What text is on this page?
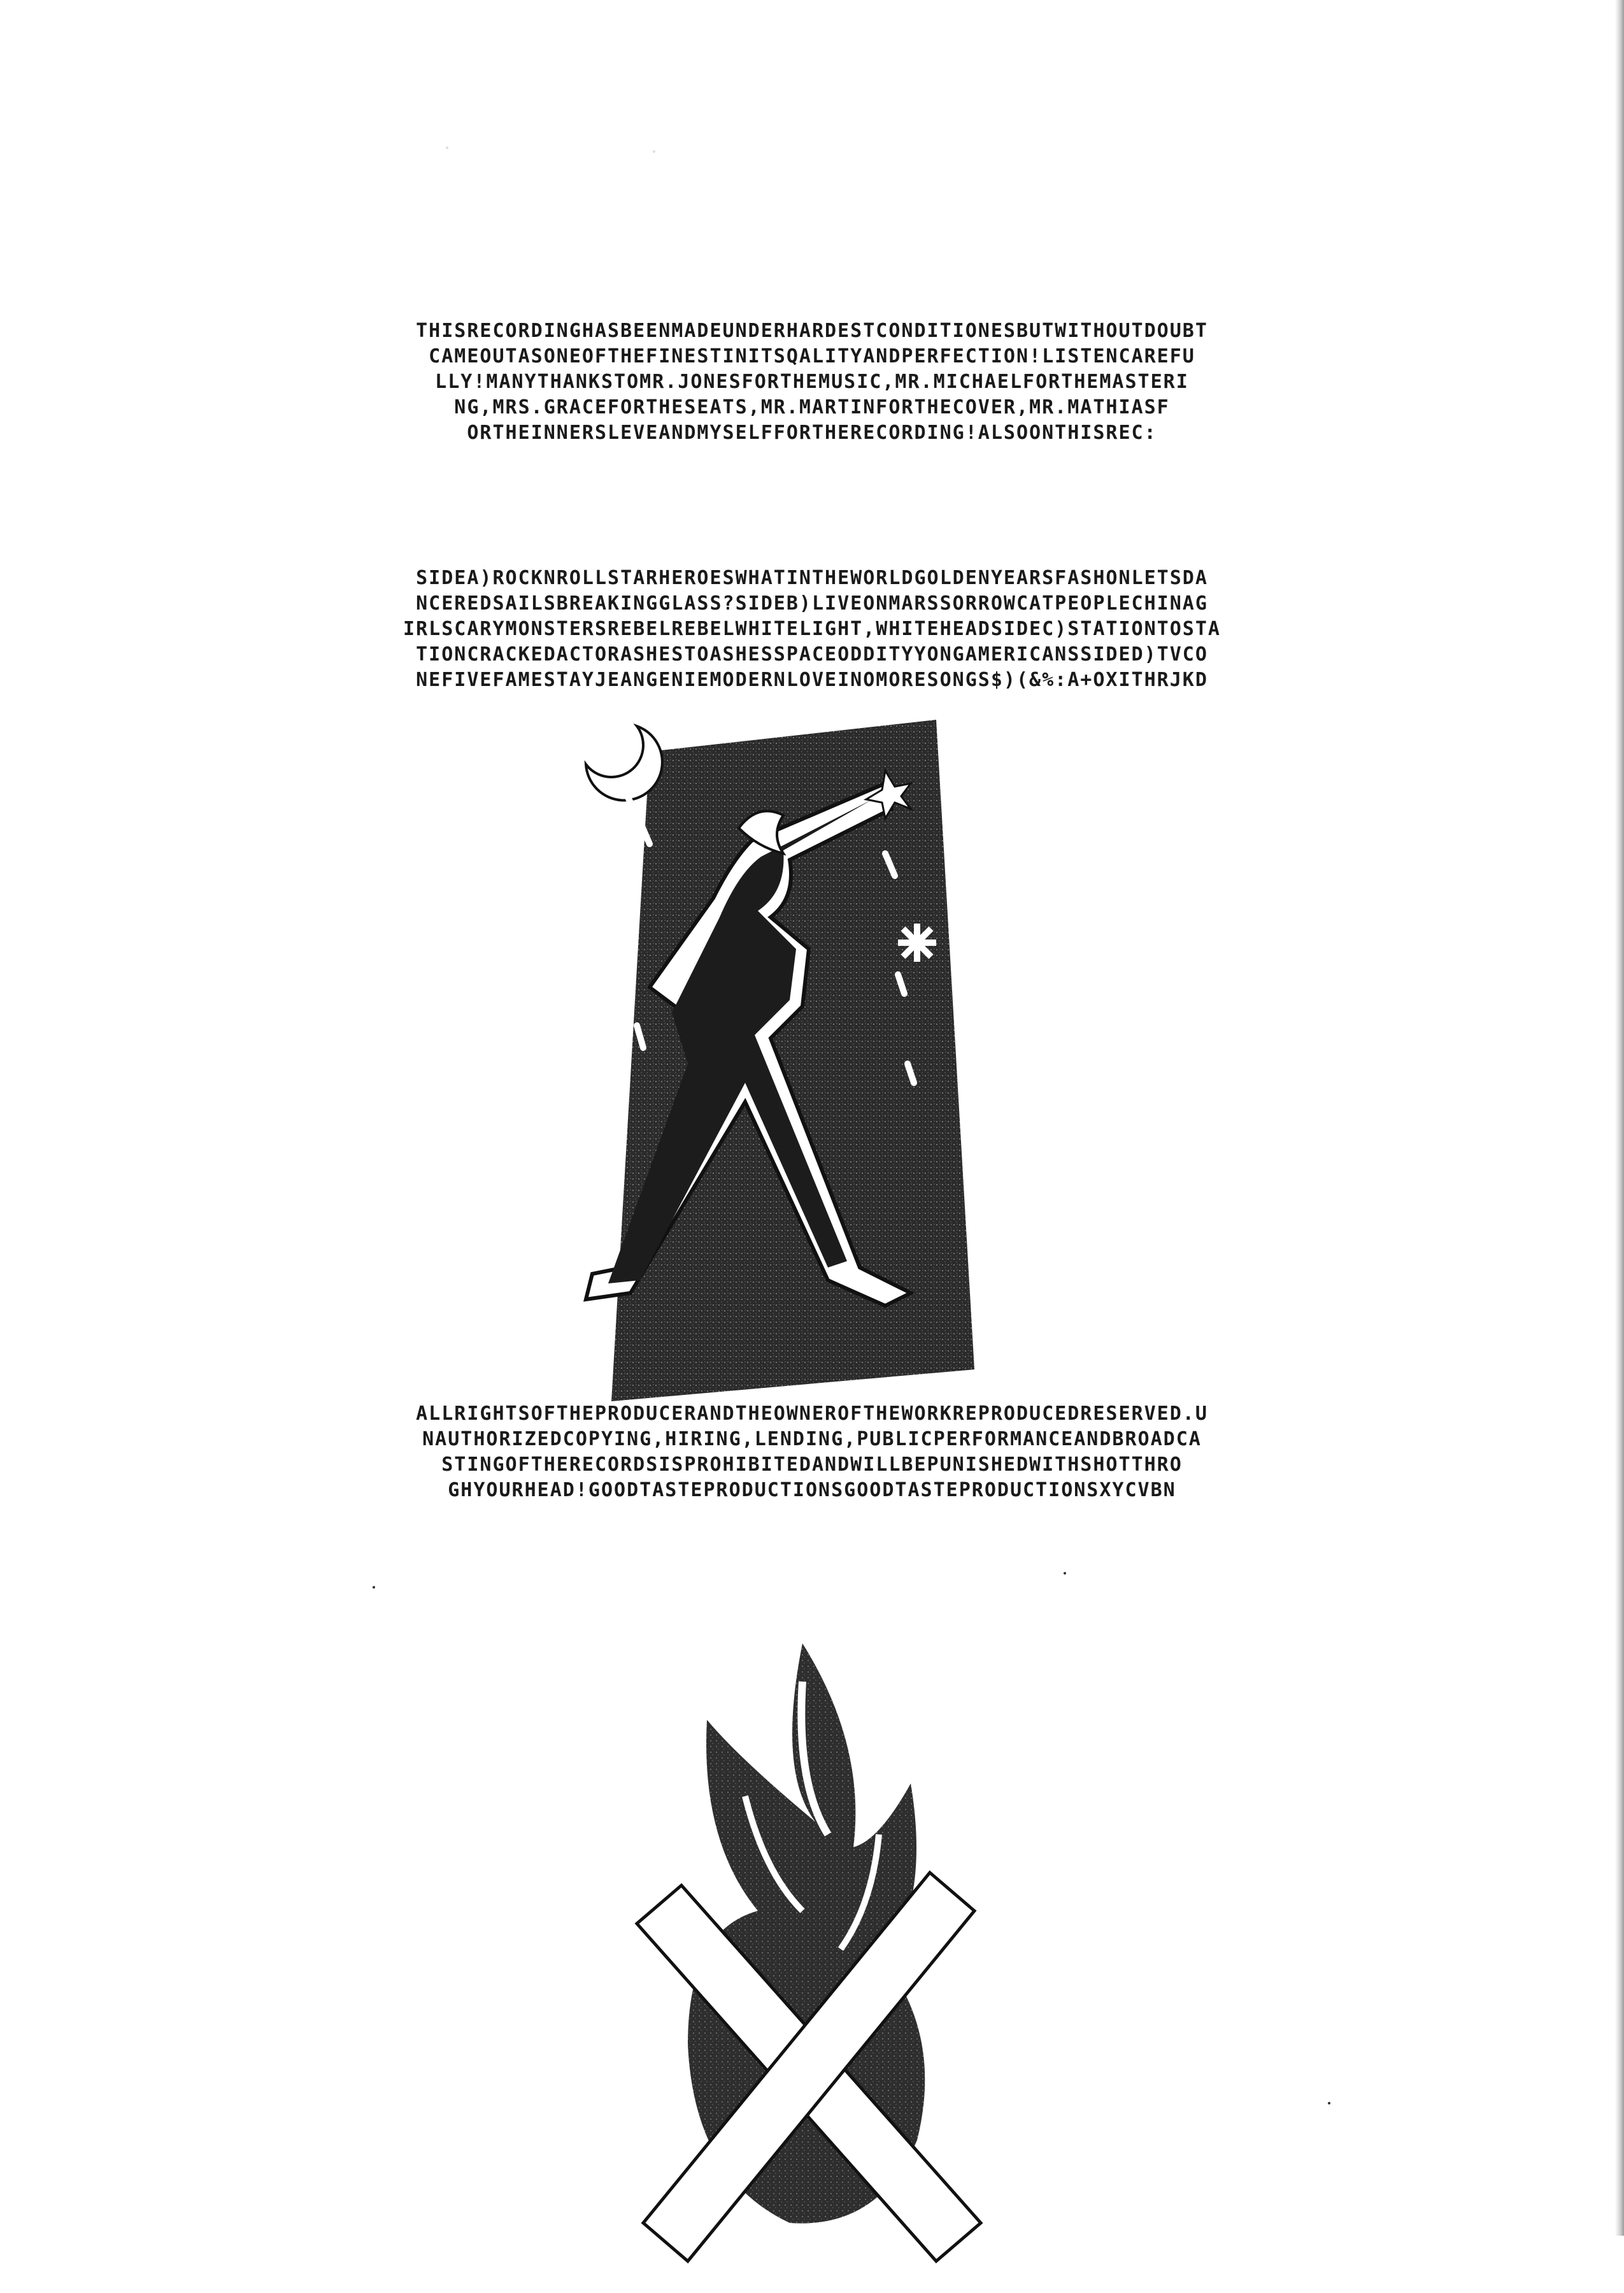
THISRECORDINGHASBEENMADEUNDERHARDESTCONDITIONESBUTWITHOUTDOUBT
CAMEOUTASONEOFTHEFINESTINITSQALITYANDPERFECTION!LISTENCAREFU
LLY!MANYTHANKSTOMR.JONESFORTHEMUSIC,MR.MICHAELFORTHEMASTERI
NG,MRS.GRACEFORTHESEATS,MR.MARTINFORTHECOVER,MR.MATHIASF
ORTHEINNERSLEVEANDMYSELFFORTHERECORDING!ALSOONTHISREC:
SIDEA)ROCKNROLLSTARHEROESWHATINTHEWORLDGOLDENYEARSFASHONLETSDA
NCEREDSAILSBREAKINGGLASS?SIDEB)LIVEONMARSSORROWCATPEOPLECHINAG
IRLSCARYMONSTERSREBELREBELWHITELIGHT,WHITEHEADSIDEC)STATIONTOSTA
TIONCRACKEDACTORASHESTOASHESSPACEODDITYYONGAMERICANSSIDED)TVCO
NEFIVEFAMESTAYJEANGENIEMODERNLOVEINOMORESONGS$)(&%:A+OXITHRJKD
ALLRIGHTSOFTHEPRODUCERANDTHEOWNEROFTHEWORKREPRODUCEDRESERVED.U
NAUTHORIZEDCOPYING,HIRING,LENDING,PUBLICPERFORMANCEANDBROADCA
STINGOFTHERECORDSISPROHIBITEDANDWILLBEPUNISHEDWITHSHOTTHRO
GHYOURHEAD!GOODTASTEPRODUCTIONSGOODTASTEPRODUCTIONSXYCVBN
